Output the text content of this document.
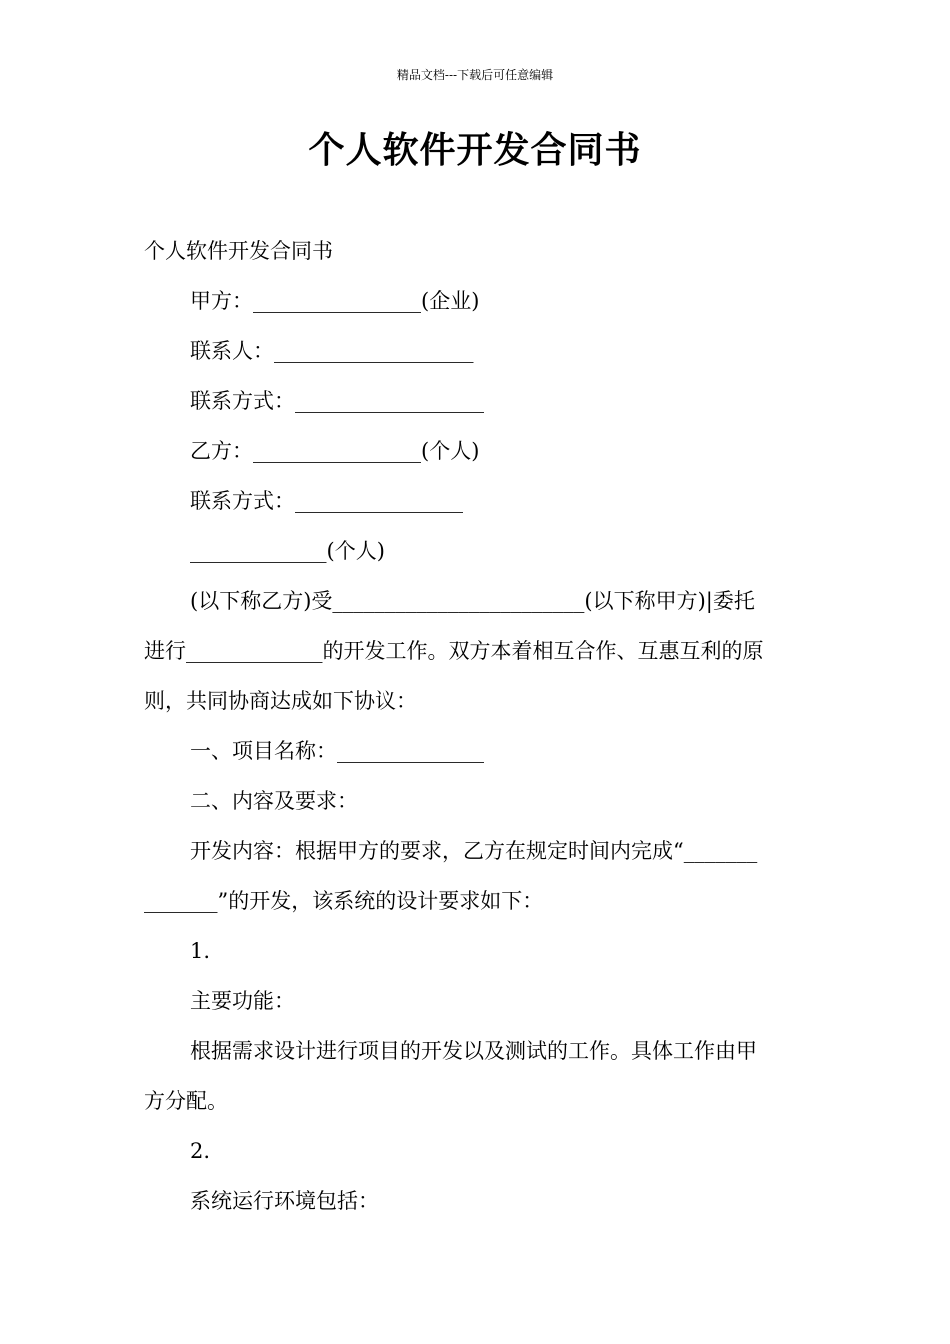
精品文档---下载后可任意编辑
个人软件开发合同书
个人软件开发合同书
甲方：________________(企业)
联系人：___________________
联系方式：__________________
乙方：________________(个人)
联系方式：________________
_____________(个人)
(以下称乙方)受________________________(以下称甲方)|委托
进行_____________的开发工作。双方本着相互合作、互惠互利的原
则，共同协商达成如下协议：
一、项目名称：______________
二、内容及要求：
开发内容：根据甲方的要求，乙方在规定时间内完成“_______
_______”的开发，该系统的设计要求如下：
1.
主要功能：
根据需求设计进行项目的开发以及测试的工作。具体工作由甲
方分配。
2.
系统运行环境包括：
